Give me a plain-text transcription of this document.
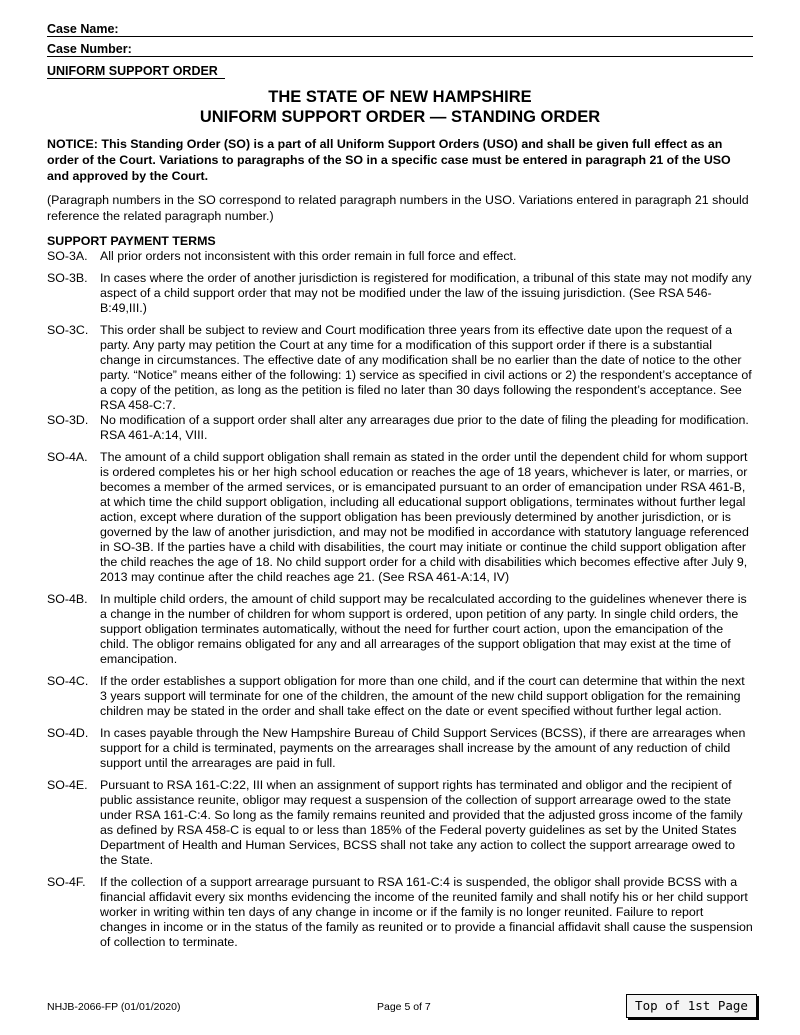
Case Name:
Case Number:
UNIFORM SUPPORT ORDER
THE STATE OF NEW HAMPSHIRE
UNIFORM SUPPORT ORDER — STANDING ORDER
NOTICE: This Standing Order (SO) is a part of all Uniform Support Orders (USO) and shall be given full effect as an order of the Court. Variations to paragraphs of the SO in a specific case must be entered in paragraph 21 of the USO and approved by the Court.
(Paragraph numbers in the SO correspond to related paragraph numbers in the USO. Variations entered in paragraph 21 should reference the related paragraph number.)
SUPPORT PAYMENT TERMS
SO-3A. All prior orders not inconsistent with this order remain in full force and effect.
SO-3B. In cases where the order of another jurisdiction is registered for modification, a tribunal of this state may not modify any aspect of a child support order that may not be modified under the law of the issuing jurisdiction. (See RSA 546-B:49,III.)
SO-3C. This order shall be subject to review and Court modification three years from its effective date upon the request of a party. Any party may petition the Court at any time for a modification of this support order if there is a substantial change in circumstances. The effective date of any modification shall be no earlier than the date of notice to the other party. “Notice” means either of the following: 1) service as specified in civil actions or 2) the respondent’s acceptance of a copy of the petition, as long as the petition is filed no later than 30 days following the respondent’s acceptance. See RSA 458-C:7.
SO-3D. No modification of a support order shall alter any arrearages due prior to the date of filing the pleading for modification. RSA 461-A:14, VIII.
SO-4A. The amount of a child support obligation shall remain as stated in the order until the dependent child for whom support is ordered completes his or her high school education or reaches the age of 18 years, whichever is later, or marries, or becomes a member of the armed services, or is emancipated pursuant to an order of emancipation under RSA 461-B, at which time the child support obligation, including all educational support obligations, terminates without further legal action, except where duration of the support obligation has been previously determined by another jurisdiction, or is governed by the law of another jurisdiction, and may not be modified in accordance with statutory language referenced in SO-3B. If the parties have a child with disabilities, the court may initiate or continue the child support obligation after the child reaches the age of 18. No child support order for a child with disabilities which becomes effective after July 9, 2013 may continue after the child reaches age 21. (See RSA 461-A:14, IV)
SO-4B. In multiple child orders, the amount of child support may be recalculated according to the guidelines whenever there is a change in the number of children for whom support is ordered, upon petition of any party. In single child orders, the support obligation terminates automatically, without the need for further court action, upon the emancipation of the child. The obligor remains obligated for any and all arrearages of the support obligation that may exist at the time of emancipation.
SO-4C. If the order establishes a support obligation for more than one child, and if the court can determine that within the next 3 years support will terminate for one of the children, the amount of the new child support obligation for the remaining children may be stated in the order and shall take effect on the date or event specified without further legal action.
SO-4D. In cases payable through the New Hampshire Bureau of Child Support Services (BCSS), if there are arrearages when support for a child is terminated, payments on the arrearages shall increase by the amount of any reduction of child support until the arrearages are paid in full.
SO-4E. Pursuant to RSA 161-C:22, III when an assignment of support rights has terminated and obligor and the recipient of public assistance reunite, obligor may request a suspension of the collection of support arrearage owed to the state under RSA 161-C:4. So long as the family remains reunited and provided that the adjusted gross income of the family as defined by RSA 458-C is equal to or less than 185% of the Federal poverty guidelines as set by the United States Department of Health and Human Services, BCSS shall not take any action to collect the support arrearage owed to the State.
SO-4F. If the collection of a support arrearage pursuant to RSA 161-C:4 is suspended, the obligor shall provide BCSS with a financial affidavit every six months evidencing the income of the reunited family and shall notify his or her child support worker in writing within ten days of any change in income or if the family is no longer reunited. Failure to report changes in income or in the status of the family as reunited or to provide a financial affidavit shall cause the suspension of collection to terminate.
NHJB-2066-FP (01/01/2020)	Page 5 of 7	Top of 1st Page
